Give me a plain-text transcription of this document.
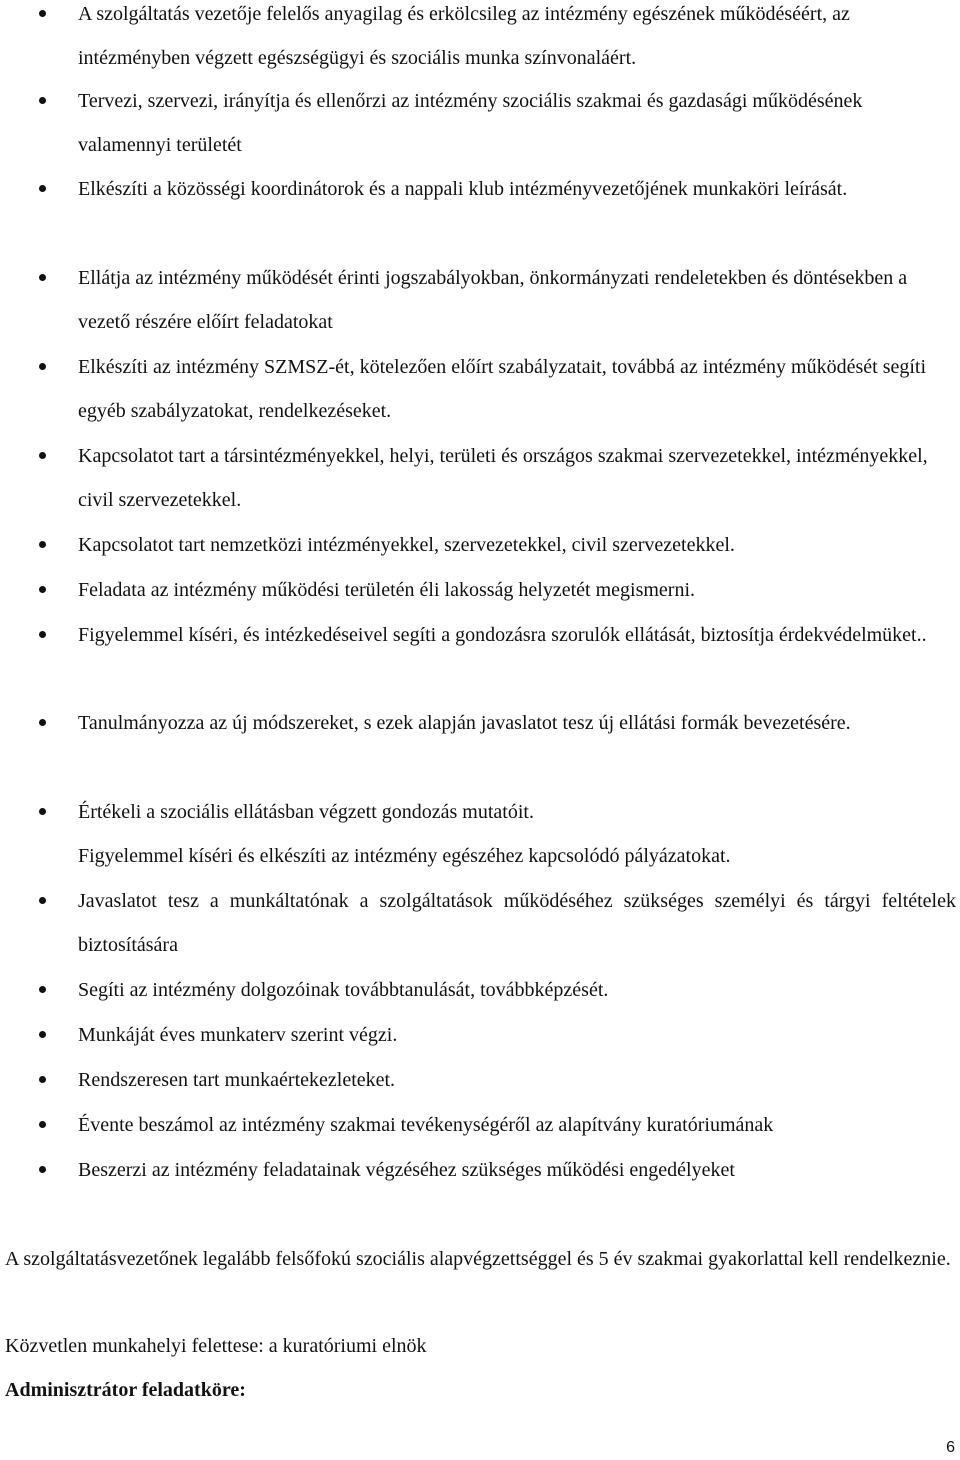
A szolgáltatás vezetője felelős anyagilag és erkölcsileg az intézmény egészének működéséért, az intézményben végzett egészségügyi és szociális munka színvonaláért.

Tervezi, szervezi, irányítja és ellenőrzi az intézmény szociális szakmai és gazdasági működésének valamennyi területét

Elkészíti a közösségi koordinátorok és a nappali klub intézményvezetőjének munkaköri leírását.

Ellátja az intézmény működését érinti jogszabályokban, önkormányzati rendeletekben és döntésekben a vezető részére előírt feladatokat

Elkészíti az intézmény SZMSZ-ét, kötelezően előírt szabályzatait, továbbá az intézmény működését segíti egyéb szabályzatokat, rendelkezéseket.

Kapcsolatot tart a társintézményekkel, helyi, területi és országos szakmai szervezetekkel, intézményekkel, civil szervezetekkel.

Kapcsolatot tart nemzetközi intézményekkel, szervezetekkel, civil szervezetekkel.

Feladata az intézmény működési területén éli lakosság helyzetét megismerni.

Figyelemmel kíséri, és intézkedéseivel segíti a gondozásra szorulók ellátását, biztosítja érdekvédelmüket..

Tanulmányozza az új módszereket, s ezek alapján javaslatot tesz új ellátási formák bevezetésére.

Értékeli a szociális ellátásban végzett gondozás mutatóit.

Figyelemmel kíséri és elkészíti az intézmény egészéhez kapcsolódó pályázatokat.

Javaslatot tesz a munkáltatónak a szolgáltatások működéséhez szükséges személyi és tárgyi feltételek biztosítására

Segíti az intézmény dolgozóinak továbbtanulását, továbbképzését.

Munkáját éves munkaterv szerint végzi.

Rendszeresen tart munkaértekezleteket.

Évente beszámol az intézmény szakmai tevékenységéről az alapítvány kuratóriumának

Beszerzi az intézmény feladatainak végzéséhez szükséges működési engedélyeket

A szolgáltatásvezetőnek legalább felsőfokú szociális alapvégzettséggel és 5 év szakmai gyakorlattal kell rendelkeznie.

Közvetlen munkahelyi felettese: a kuratóriumi elnök

Adminisztrátor feladatköre:

6
